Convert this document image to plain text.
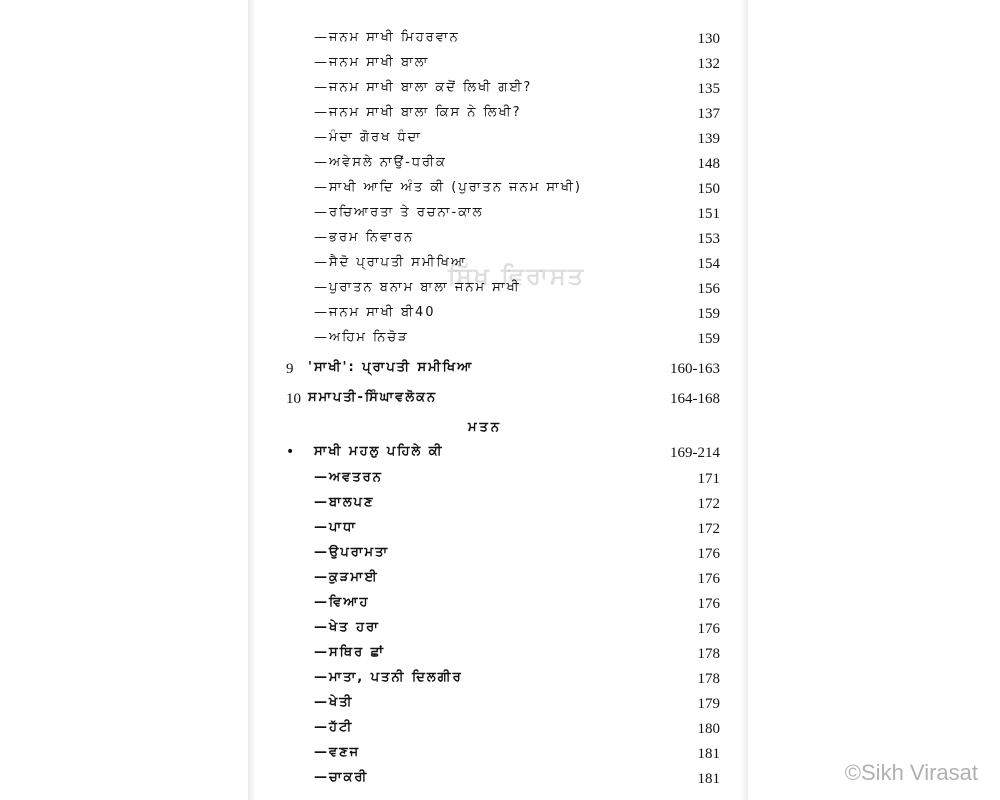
ਸਿੱਖ ਵਿਰਾਸਤ
—ਜਨਮ ਸਾਖੀ ਮਿਹਰਵਾਨ	130
—ਜਨਮ ਸਾਖੀ ਬਾਲਾ	132
—ਜਨਮ ਸਾਖੀ ਬਾਲਾ ਕਦੋਂ ਲਿਖੀ ਗਈ?	135
—ਜਨਮ ਸਾਖੀ ਬਾਲਾ ਕਿਸ ਨੇ ਲਿਖੀ?	137
—ਮੰਦਾ ਗੋਰਖ ਧੰਦਾ	139
—ਅਵੇਸਲੇ ਨਾਉਂ-ਧਰੀਕ	148
—ਸਾਖੀ ਆਦਿ ਅੰਤ ਕੀ (ਪੁਰਾਤਨ ਜਨਮ ਸਾਖੀ)	150
—ਰਚਿਆਰਤਾ ਤੇ ਰਚਨਾ-ਕਾਲ	151
—ਭਰਮ ਨਿਵਾਰਨ	153
—ਸੈਦੋ ਪ੍ਰਾਪਤੀ ਸਮੀਖਿਆ	154
—ਪੁਰਾਤਨ ਬਨਾਮ ਬਾਲਾ ਜਨਮ ਸਾਖੀ	156
—ਜਨਮ ਸਾਖੀ ਬੀ40	159
—ਅਹਿਮ ਨਿਚੋੜ	159
9 'ਸਾਖੀ': ਪ੍ਰਾਪਤੀ ਸਮੀਖਿਆ	160-163
10 ਸਮਾਪਤੀ-ਸਿੰਘਾਵਲੋਕਨ	164-168
ਮਤਨ
• ਸਾਖੀ ਮਹਲੁ ਪਹਿਲੇ ਕੀ	169-214
—ਅਵਤਰਨ	171
—ਬਾਲਪਣ	172
—ਪਾਧਾ	172
—ਉਪਰਾਮਤਾ	176
—ਕੁੜਮਾਈ	176
—ਵਿਆਹ	176
—ਖੇਤ ਹਰਾ	176
—ਸਥਿਰ ਛਾਂ	178
—ਮਾਤਾ, ਪਤਨੀ ਦਿਲਗੀਰ	178
—ਖੇਤੀ	179
—ਹੱਟੀ	180
—ਵਣਜ	181
—ਚਾਕਰੀ	181	©Sikh Virasat
